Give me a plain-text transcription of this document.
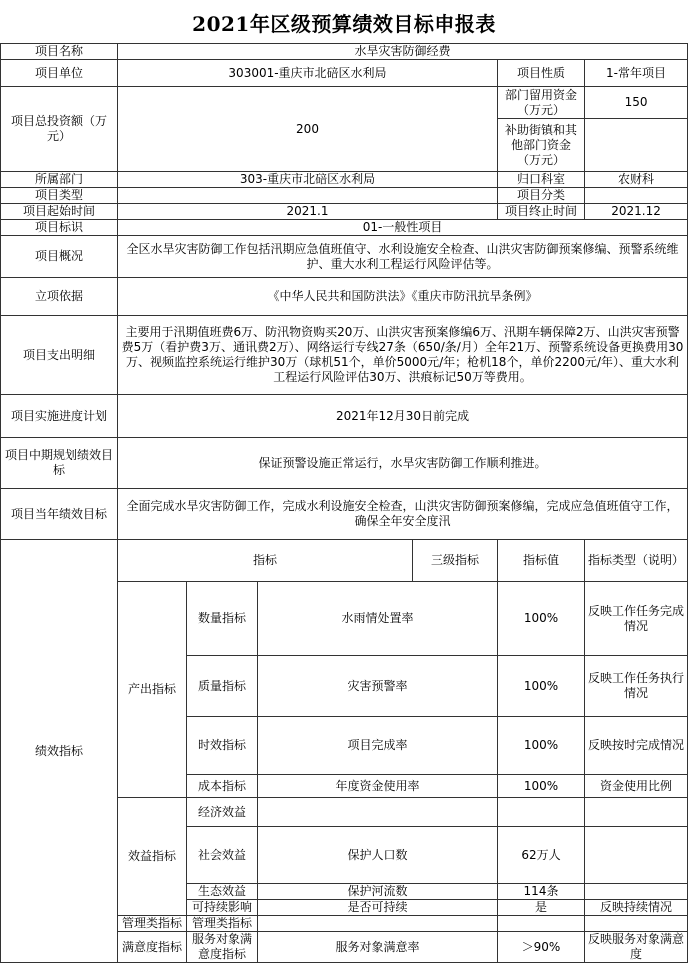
2021年区级预算绩效目标申报表
项目名称	水旱灾害防御经费					
项目单位	303001-重庆市北碚区水利局				项目性质	1-常年项目
项目总投资额（万元）	200				部门留用资金（万元）	150
					补助街镇和其他部门资金（万元）	
所属部门	303-重庆市北碚区水利局				归口科室	农财科
项目类型					项目分类	
项目起始时间	2021.1				项目终止时间	2021.12
项目标识	01-一般性项目					
项目概况	全区水旱灾害防御工作包括汛期应急值班值守、水利设施安全检查、山洪灾害防御预案修编、预警系统维护、重大水利工程运行风险评估等。					
立项依据	《中华人民共和国防洪法》《重庆市防汛抗旱条例》					
项目支出明细	主要用于汛期值班费6万、防汛物资购买20万、山洪灾害预案修编6万、汛期车辆保障2万、山洪灾害预警费5万（看护费3万、通讯费2万）、网络运行专线27条（650/条/月）全年21万、预警系统设备更换费用30万、视频监控系统运行维护30万（球机51个，单价5000元/年；枪机18个，单价2200元/年）、重大水利工程运行风险评估30万、洪痕标记50万等费用。					
项目实施进度计划	2021年12月30日前完成					
项目中期规划绩效目标	保证预警设施正常运行，水旱灾害防御工作顺利推进。					
项目当年绩效目标	全面完成水旱灾害防御工作，完成水利设施安全检查，山洪灾害防御预案修编，完成应急值班值守工作，确保全年安全度汛					
绩效指标	指标			三级指标	指标值	指标类型（说明）
	产出指标	数量指标	水雨情处置率		100%	反映工作任务完成情况
		质量指标	灾害预警率		100%	反映工作任务执行情况
		时效指标	项目完成率		100%	反映按时完成情况
		成本指标	年度资金使用率		100%	资金使用比例
	效益指标	经济效益				
		社会效益	保护人口数		62万人	
		生态效益	保护河流数		114条	
		可持续影响	是否可持续		是	反映持续情况
	管理类指标	管理类指标				
	满意度指标	服务对象满意度指标	服务对象满意率		＞90%	反映服务对象满意度
